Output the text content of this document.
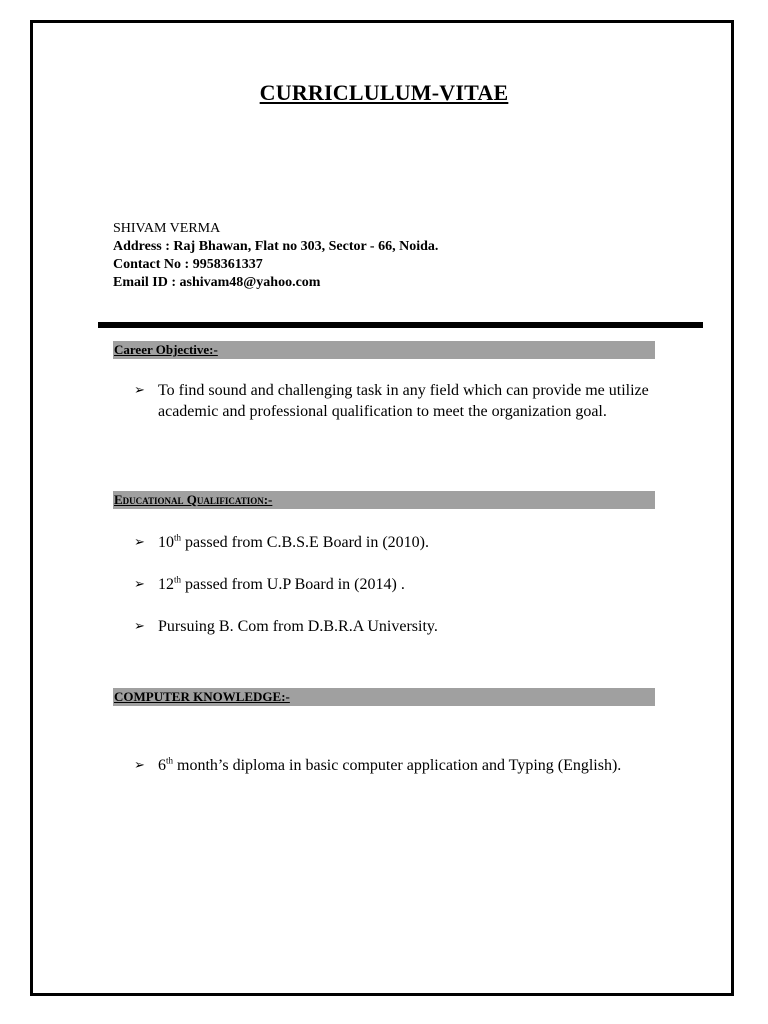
CURRICLULUM-VITAE
SHIVAM VERMA
Address : Raj Bhawan, Flat no 303, Sector - 66, Noida.
Contact No : 9958361337
Email ID : ashivam48@yahoo.com
Career Objective:-
➢ To find sound and challenging task in any field which can provide me utilize academic and professional qualification to meet the organization goal.
Educational Qualification:-
➢ 10th passed from C.B.S.E Board in (2010).
➢ 12th passed from U.P Board in (2014) .
➢ Pursuing B. Com from D.B.R.A University.
COMPUTER KNOWLEDGE:-
➢ 6th month’s diploma in basic computer application and Typing (English).
